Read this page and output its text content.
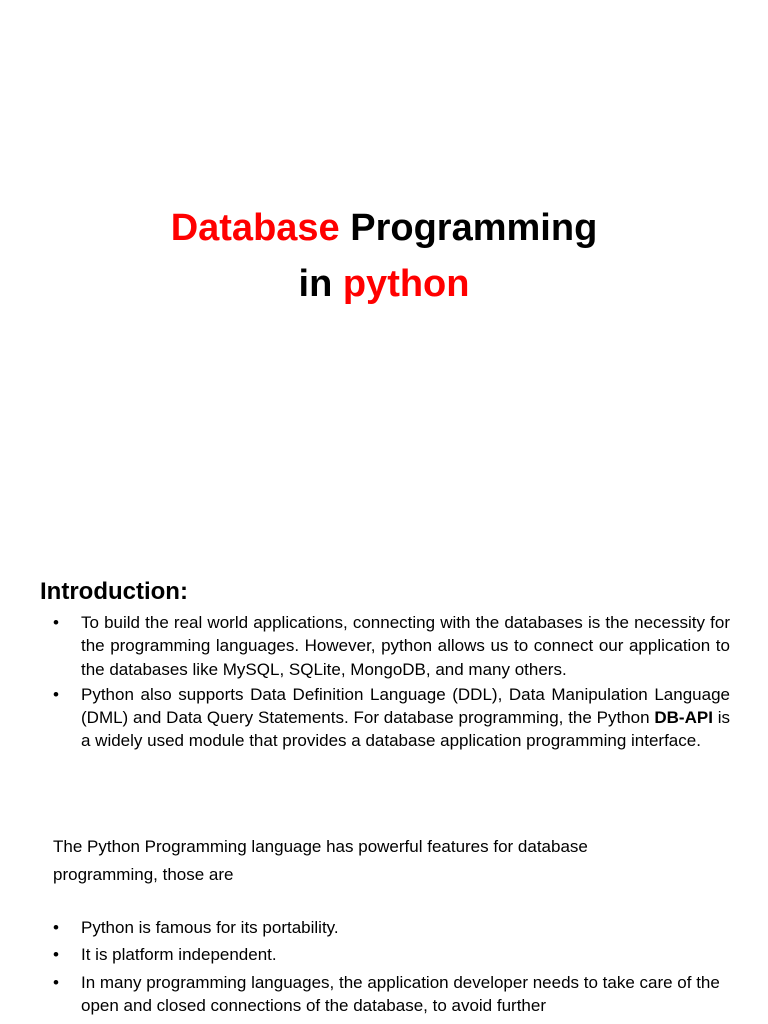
Database Programming
in python
Introduction:
• To build the real world applications, connecting with the databases is the necessity for the programming languages. However, python allows us to connect our application to the databases like MySQL, SQLite, MongoDB, and many others.
• Python also supports Data Definition Language (DDL), Data Manipulation Language (DML) and Data Query Statements. For database programming, the Python DB-API is a widely used module that provides a database application programming interface.
The Python Programming language has powerful features for database programming, those are
• Python is famous for its portability.
• It is platform independent.
• In many programming languages, the application developer needs to take care of the open and closed connections of the database, to avoid further
